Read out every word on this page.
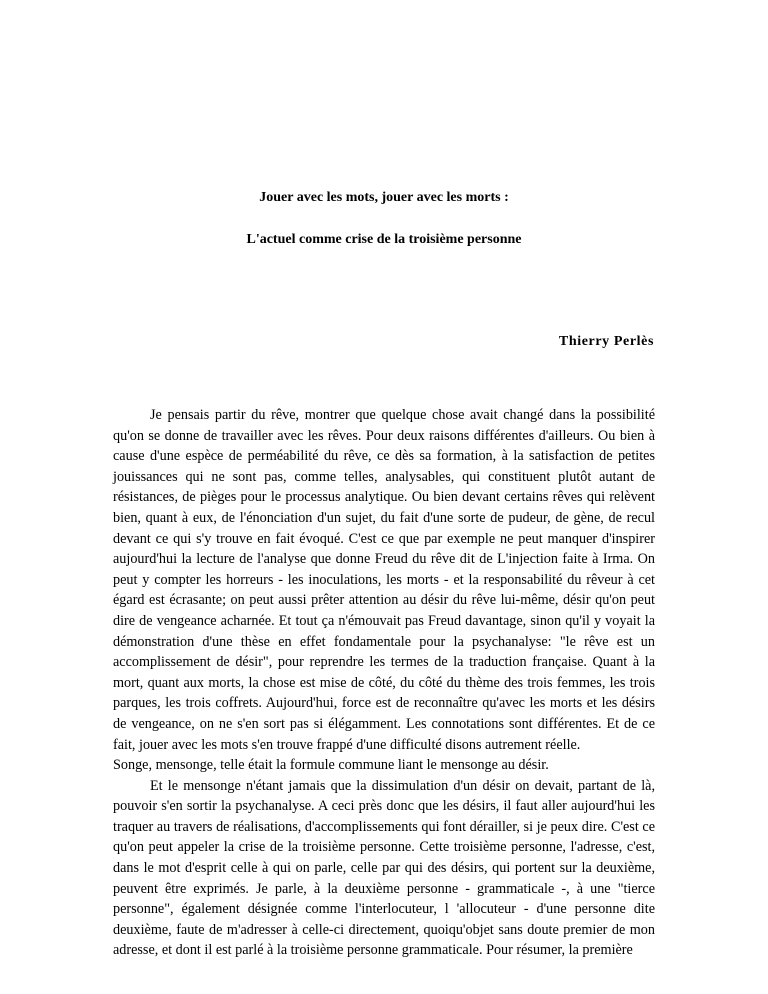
Jouer avec les mots, jouer avec les morts :
L'actuel comme crise de la troisième personne

Thierry Perlès

Je pensais partir du rêve, montrer que quelque chose avait changé dans la possibilité qu'on se donne de travailler avec les rêves. Pour deux raisons différentes d'ailleurs. Ou bien à cause d'une espèce de perméabilité du rêve, ce dès sa formation, à la satisfaction de petites jouissances qui ne sont pas, comme telles, analysables, qui constituent plutôt autant de résistances, de pièges pour le processus analytique. Ou bien devant certains rêves qui relèvent bien, quant à eux, de l'énonciation d'un sujet, du fait d'une sorte de pudeur, de gène, de recul devant ce qui s'y trouve en fait évoqué. C'est ce que par exemple ne peut manquer d'inspirer aujourd'hui la lecture de l'analyse que donne Freud du rêve dit de L'injection faite à Irma. On peut y compter les horreurs - les inoculations, les morts - et la responsabilité du rêveur à cet égard est écrasante; on peut aussi prêter attention au désir du rêve lui-même, désir qu'on peut dire de vengeance acharnée. Et tout ça n'émouvait pas Freud davantage, sinon qu'il y voyait la démonstration d'une thèse en effet fondamentale pour la psychanalyse: "le rêve est un accomplissement de désir", pour reprendre les termes de la traduction française. Quant à la mort, quant aux morts, la chose est mise de côté, du côté du thème des trois femmes, les trois parques, les trois coffrets. Aujourd'hui, force est de reconnaître qu'avec les morts et les désirs de vengeance, on ne s'en sort pas si élégamment. Les connotations sont différentes. Et de ce fait, jouer avec les mots s'en trouve frappé d'une difficulté disons autrement réelle.

Songe, mensonge, telle était la formule commune liant le mensonge au désir.

Et le mensonge n'étant jamais que la dissimulation d'un désir on devait, partant de là, pouvoir s'en sortir la psychanalyse. A ceci près donc que les désirs, il faut aller aujourd'hui les traquer au travers de réalisations, d'accomplissements qui font dérailler, si je peux dire. C'est ce qu'on peut appeler la crise de la troisième personne. Cette troisième personne, l'adresse, c'est, dans le mot d'esprit celle à qui on parle, celle par qui des désirs, qui portent sur la deuxième, peuvent être exprimés. Je parle, à la deuxième personne - grammaticale -, à une "tierce personne", également désignée comme l'interlocuteur, l 'allocuteur - d'une personne dite deuxième, faute de m'adresser à celle-ci directement, quoiqu'objet sans doute premier de mon adresse, et dont il est parlé à la troisième personne grammaticale. Pour résumer, la première
